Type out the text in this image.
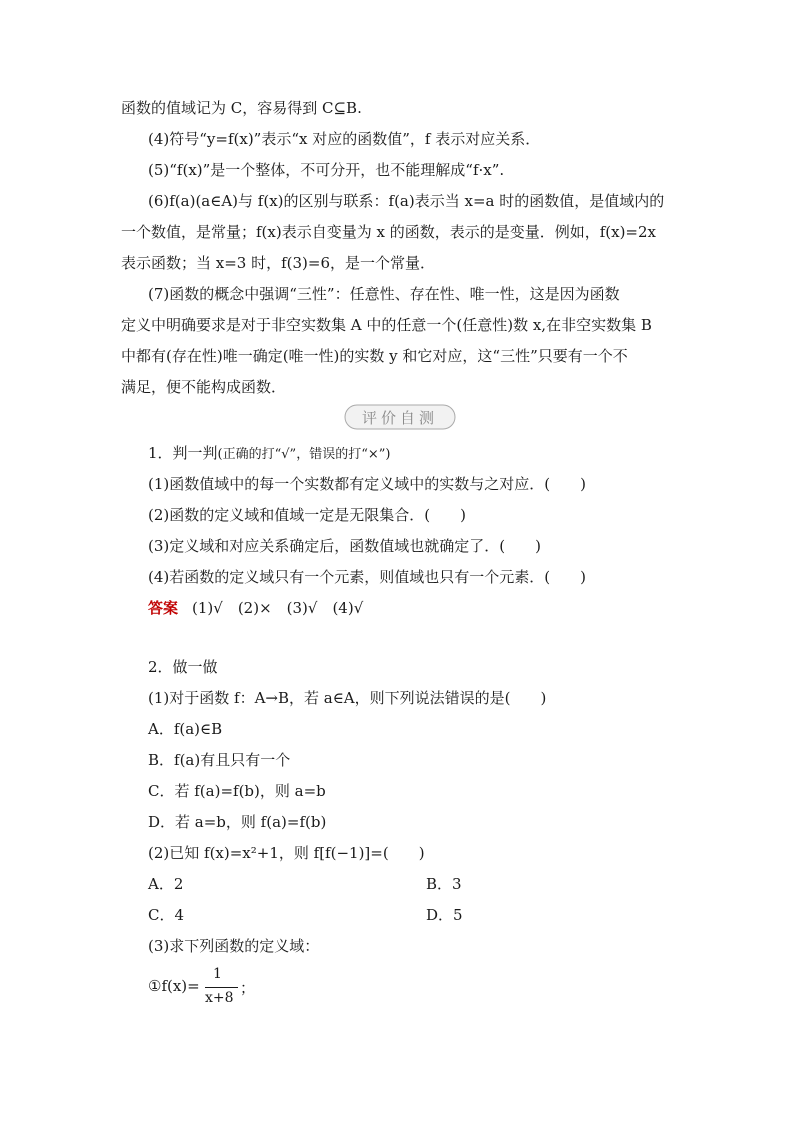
函数的值域记为 C，容易得到 C⊆B.
(4)符号“y=f(x)”表示“x 对应的函数值”，f 表示对应关系．
(5)“f(x)”是一个整体，不可分开，也不能理解成“f·x”.
(6)f(a)(a∈A)与 f(x)的区别与联系：f(a)表示当 x=a 时的函数值，是值域内的
一个数值，是常量；f(x)表示自变量为 x 的函数，表示的是变量．例如，f(x)=2x
表示函数；当 x=3 时，f(3)=6，是一个常量．
(7)函数的概念中强调“三性”：任意性、存在性、唯一性，这是因为函数
定义中明确要求是对于非空实数集 A 中的任意一个(任意性)数 x,在非空实数集 B
中都有(存在性)唯一确定(唯一性)的实数 y 和它对应，这“三性”只要有一个不
满足，便不能构成函数．
评价自测
1．判一判(正确的打“√”，错误的打“×”)
(1)函数值域中的每一个实数都有定义域中的实数与之对应．(　　)
(2)函数的定义域和值域一定是无限集合．(　　)
(3)定义域和对应关系确定后，函数值域也就确定了．(　　)
(4)若函数的定义域只有一个元素，则值域也只有一个元素．(　　)
答案 (1)√　(2)×　(3)√　(4)√
2．做一做
(1)对于函数 f：A→B，若 a∈A，则下列说法错误的是(　　)
A．f(a)∈B
B．f(a)有且只有一个
C．若 f(a)=f(b)，则 a=b
D．若 a=b，则 f(a)=f(b)
(2)已知 f(x)=x²+1，则 f[f(−1)]=(　　)
A．2	B．3
C．4	D．5
(3)求下列函数的定义域：
①f(x)=
1
x+8
；
